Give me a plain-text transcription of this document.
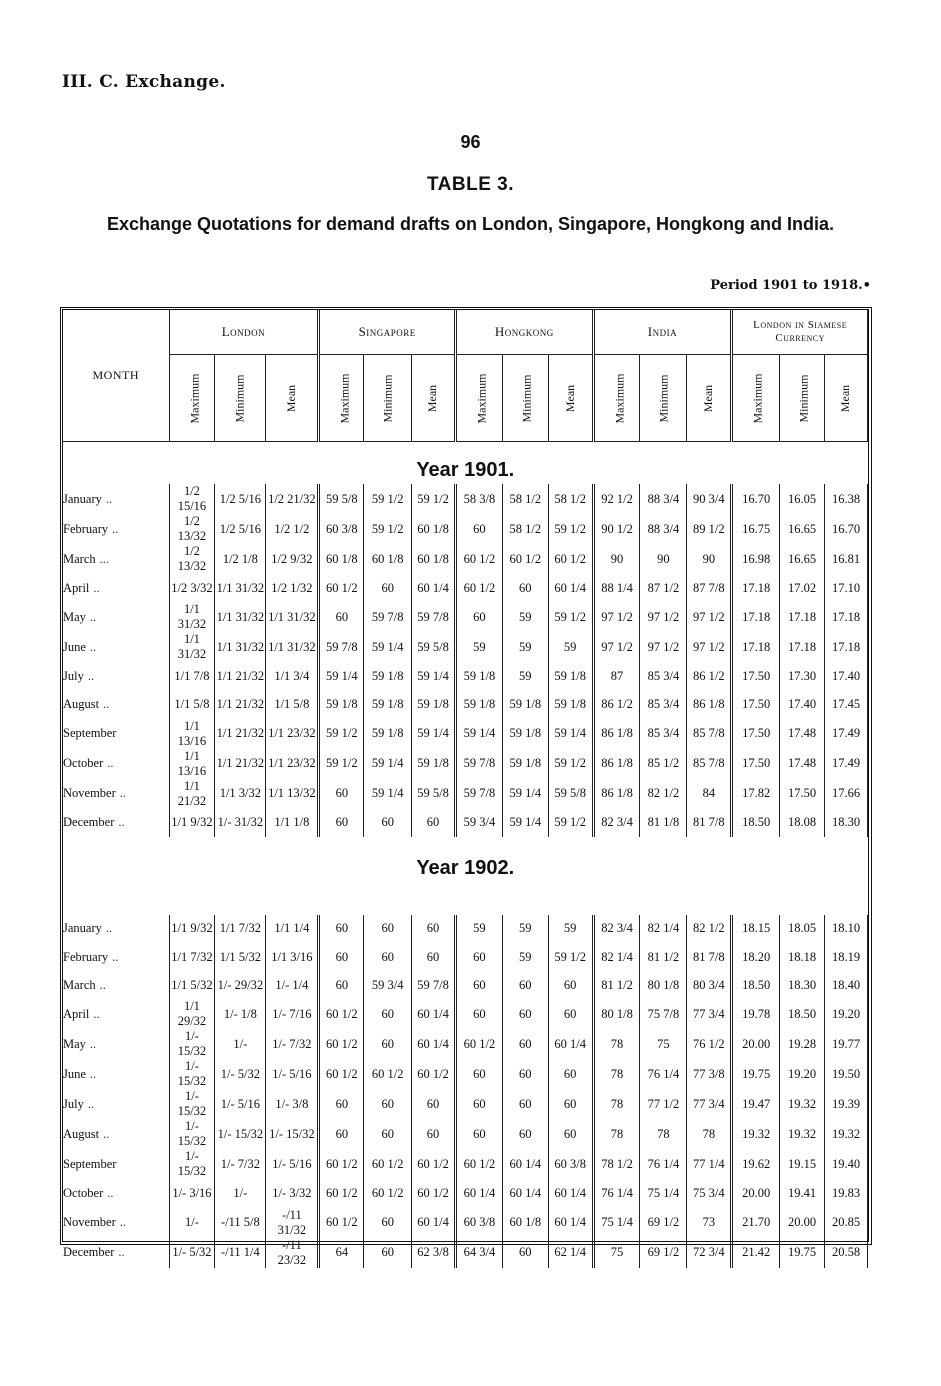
III. C. Exchange.
96
TABLE 3.
Exchange Quotations for demand drafts on London, Singapore, Hongkong and India.
Period 1901 to 1918.•
MONTH	London			Singapore			Hongkong			India			London in Siamese Currency		
	Maximum	Minimum	Mean	Maximum	Minimum	Mean	Maximum	Minimum	Mean	Maximum	Minimum	Mean	Maximum	Minimum	Mean
Year 1901.															
January ..	1/2 15/16	1/2 5/16	1/2 21/32	59 5/8	59 1/2	59 1/2	58 3/8	58 1/2	58 1/2	92 1/2	88 3/4	90 3/4	16.70	16.05	16.38
February ..	1/2 13/32	1/2 5/16	1/2 1/2	60 3/8	59 1/2	60 1/8	60	58 1/2	59 1/2	90 1/2	88 3/4	89 1/2	16.75	16.65	16.70
March ...	1/2 13/32	1/2 1/8	1/2 9/32	60 1/8	60 1/8	60 1/8	60 1/2	60 1/2	60 1/2	90	90	90	16.98	16.65	16.81
April ..	1/2 3/32	1/1 31/32	1/2 1/32	60 1/2	60	60 1/4	60 1/2	60	60 1/4	88 1/4	87 1/2	87 7/8	17.18	17.02	17.10
May ..	1/1 31/32	1/1 31/32	1/1 31/32	60	59 7/8	59 7/8	60	59	59 1/2	97 1/2	97 1/2	97 1/2	17.18	17.18	17.18
June ..	1/1 31/32	1/1 31/32	1/1 31/32	59 7/8	59 1/4	59 5/8	59	59	59	97 1/2	97 1/2	97 1/2	17.18	17.18	17.18
July ..	1/1 7/8	1/1 21/32	1/1 3/4	59 1/4	59 1/8	59 1/4	59 1/8	59	59 1/8	87	85 3/4	86 1/2	17.50	17.30	17.40
August ..	1/1 5/8	1/1 21/32	1/1 5/8	59 1/8	59 1/8	59 1/8	59 1/8	59 1/8	59 1/8	86 1/2	85 3/4	86 1/8	17.50	17.40	17.45
September	1/1 13/16	1/1 21/32	1/1 23/32	59 1/2	59 1/8	59 1/4	59 1/4	59 1/8	59 1/4	86 1/8	85 3/4	85 7/8	17.50	17.48	17.49
October ..	1/1 13/16	1/1 21/32	1/1 23/32	59 1/2	59 1/4	59 1/8	59 7/8	59 1/8	59 1/2	86 1/8	85 1/2	85 7/8	17.50	17.48	17.49
November ..	1/1 21/32	1/1 3/32	1/1 13/32	60	59 1/4	59 5/8	59 7/8	59 1/4	59 5/8	86 1/8	82 1/2	84	17.82	17.50	17.66
December ..	1/1 9/32	1/- 31/32	1/1 1/8	60	60	60	59 3/4	59 1/4	59 1/2	82 3/4	81 1/8	81 7/8	18.50	18.08	18.30
Year 1902.															

January ..	1/1 9/32	1/1 7/32	1/1 1/4	60	60	60	59	59	59	82 3/4	82 1/4	82 1/2	18.15	18.05	18.10
February ..	1/1 7/32	1/1 5/32	1/1 3/16	60	60	60	60	59	59 1/2	82 1/4	81 1/2	81 7/8	18.20	18.18	18.19
March ..	1/1 5/32	1/- 29/32	1/- 1/4	60	59 3/4	59 7/8	60	60	60	81 1/2	80 1/8	80 3/4	18.50	18.30	18.40
April ..	1/1 29/32	1/- 1/8	1/- 7/16	60 1/2	60	60 1/4	60	60	60	80 1/8	75 7/8	77 3/4	19.78	18.50	19.20
May ..	1/- 15/32	1/-	1/- 7/32	60 1/2	60	60 1/4	60 1/2	60	60 1/4	78	75	76 1/2	20.00	19.28	19.77
June ..	1/- 15/32	1/- 5/32	1/- 5/16	60 1/2	60 1/2	60 1/2	60	60	60	78	76 1/4	77 3/8	19.75	19.20	19.50
July ..	1/- 15/32	1/- 5/16	1/- 3/8	60	60	60	60	60	60	78	77 1/2	77 3/4	19.47	19.32	19.39
August ..	1/- 15/32	1/- 15/32	1/- 15/32	60	60	60	60	60	60	78	78	78	19.32	19.32	19.32
September	1/- 15/32	1/- 7/32	1/- 5/16	60 1/2	60 1/2	60 1/2	60 1/2	60 1/4	60 3/8	78 1/2	76 1/4	77 1/4	19.62	19.15	19.40
October ..	1/- 3/16	1/-	1/- 3/32	60 1/2	60 1/2	60 1/2	60 1/4	60 1/4	60 1/4	76 1/4	75 1/4	75 3/4	20.00	19.41	19.83
November ..	1/-	-/11 5/8	-/11 31/32	60 1/2	60	60 1/4	60 3/8	60 1/8	60 1/4	75 1/4	69 1/2	73	21.70	20.00	20.85
December ..	1/- 5/32	-/11 1/4	-/11 23/32	64	60	62 3/8	64 3/4	60	62 1/4	75	69 1/2	72 3/4	21.42	19.75	20.58
